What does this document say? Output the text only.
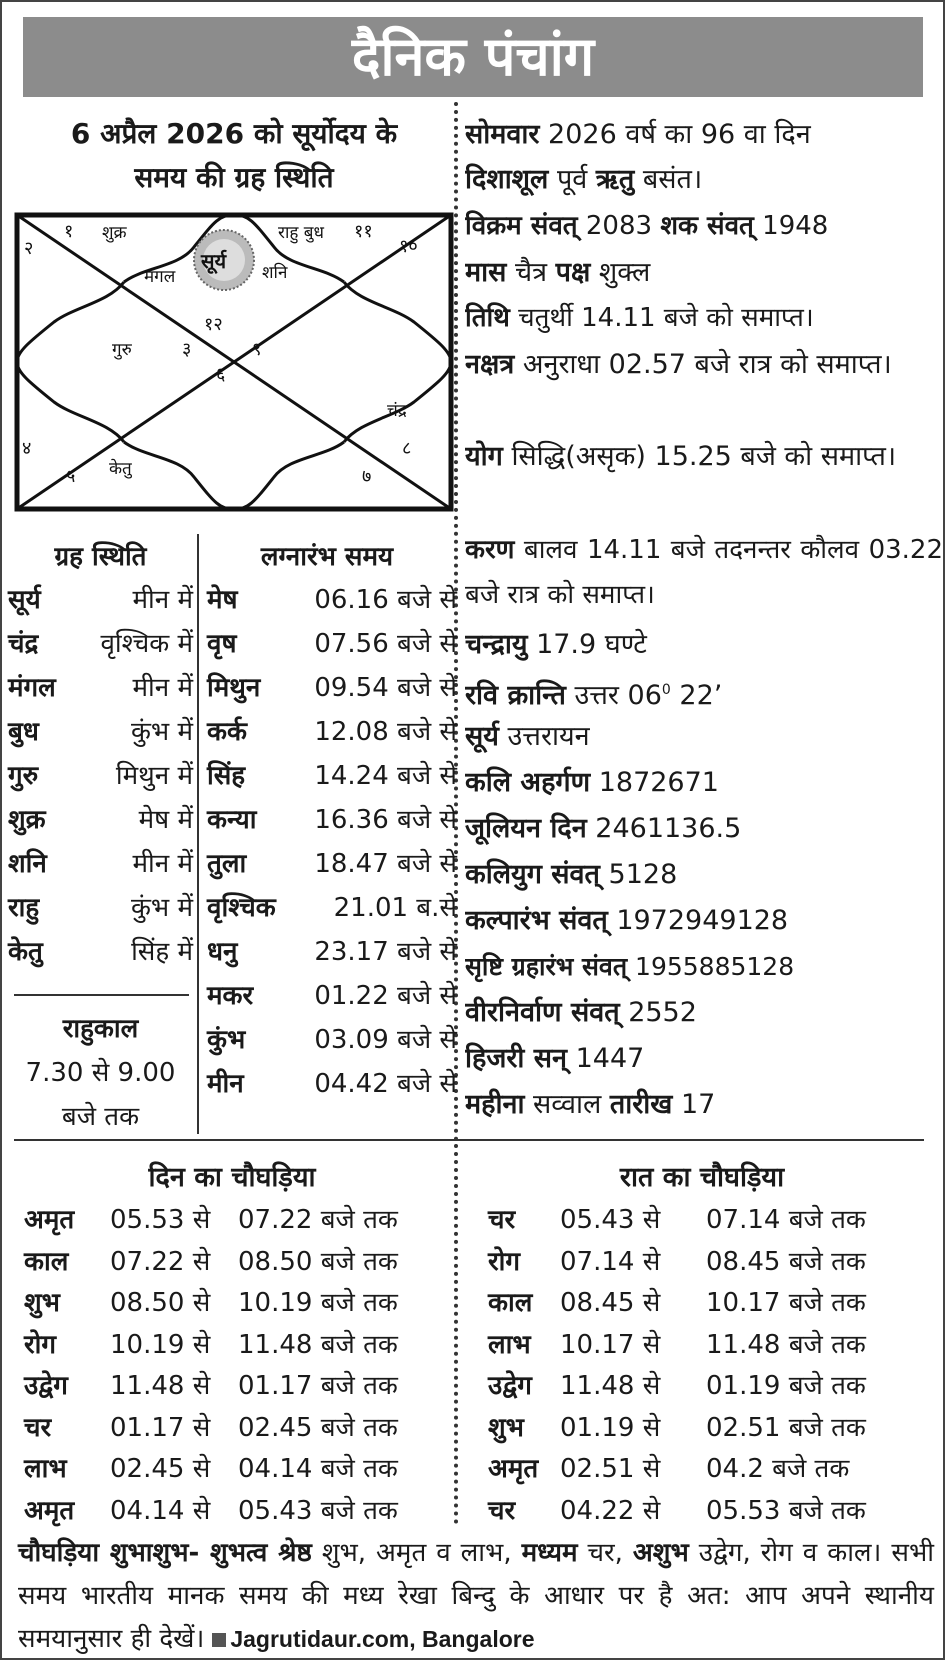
दैनिक पंचांग
6 अप्रैल 2026 को सूर्योदय के
समय की ग्रह स्थिति
१
२
३
४
५
६
७
८
९
१०
११
१२
शुक्र	राहु बुध
सूर्य
मंगल	शनि
गुरु
चंद्र
केतु
सोमवार 2026 वर्ष का 96 वा दिन
दिशाशूल पूर्व ऋतु बसंत।
विक्रम संवत् 2083 शक संवत् 1948
मास चैत्र पक्ष शुक्ल
तिथि चतुर्थी 14.11 बजे को समाप्त।
नक्षत्र अनुराधा 02.57 बजे रात्र को समाप्त।
योग सिद्धि(असृक) 15.25 बजे को समाप्त।
करण बालव 14.11 बजे तदनन्तर कौलव 03.22 बजे रात्र को समाप्त।
चन्द्रायु 17.9 घण्टे
रवि क्रान्ति उत्तर $06^0$ 22’
सूर्य उत्तरायन
कलि अहर्गण 1872671
जूलियन दिन 2461136.5
कलियुग संवत् 5128
कल्पारंभ संवत् 1972949128
सृष्टि ग्रहारंभ संवत् 1955885128
वीरनिर्वाण संवत् 2552
हिजरी सन् 1447
महीना सव्वाल तारीख 17
ग्रह स्थिति
सूर्य	मीन में
चंद्र वृश्चिक में
मंगल	मीन में
बुध	कुंभ में
गुरु	मिथुन में
शुक्र	मेष में
शनि	मीन में
राहु	कुंभ में
केतु	सिंह में
राहुकाल
7.30 से 9.00
बजे तक
लग्नारंभ समय
मेष	06.16 बजे से
वृष	07.56 बजे से
मिथुन 09.54 बजे से
कर्क	12.08 बजे से
सिंह	14.24 बजे से
कन्या 16.36 बजे से
तुला	18.47 बजे से
वृश्चिक 21.01 ब.से
धनु	23.17 बजे से
मकर 01.22 बजे से
कुंभ	03.09 बजे से
मीन	04.42 बजे से
दिन का चौघड़िया	रात का चौघड़िया
अमृत 05.53 से 07.22 बजे तक
काल 07.22 से 08.50 बजे तक
शुभ 08.50 से 10.19 बजे तक
रोग 10.19 से 11.48 बजे तक
उद्वेग 11.48 से 01.17 बजे तक
चर 01.17 से 02.45 बजे तक
लाभ 02.45 से 04.14 बजे तक
अमृत 04.14 से 05.43 बजे तक
चर 05.43 से 07.14 बजे तक
रोग 07.14 से 08.45 बजे तक
काल 08.45 से 10.17 बजे तक
लाभ 10.17 से 11.48 बजे तक
उद्वेग 11.48 से 01.19 बजे तक
शुभ 01.19 से 02.51 बजे तक
अमृत 02.51 से 04.2 बजे तक
चर 04.22 से 05.53 बजे तक
चौघड़िया शुभाशुभ- शुभत्व श्रेष्ठ शुभ, अमृत व लाभ, मध्यम चर, अशुभ उद्वेग, रोग व काल। सभी समय भारतीय मानक समय की मध्य रेखा बिन्दु के आधार पर है अत: आप अपने स्थानीय समयानुसार ही देखें। Jagrutidaur.com, Bangalore
